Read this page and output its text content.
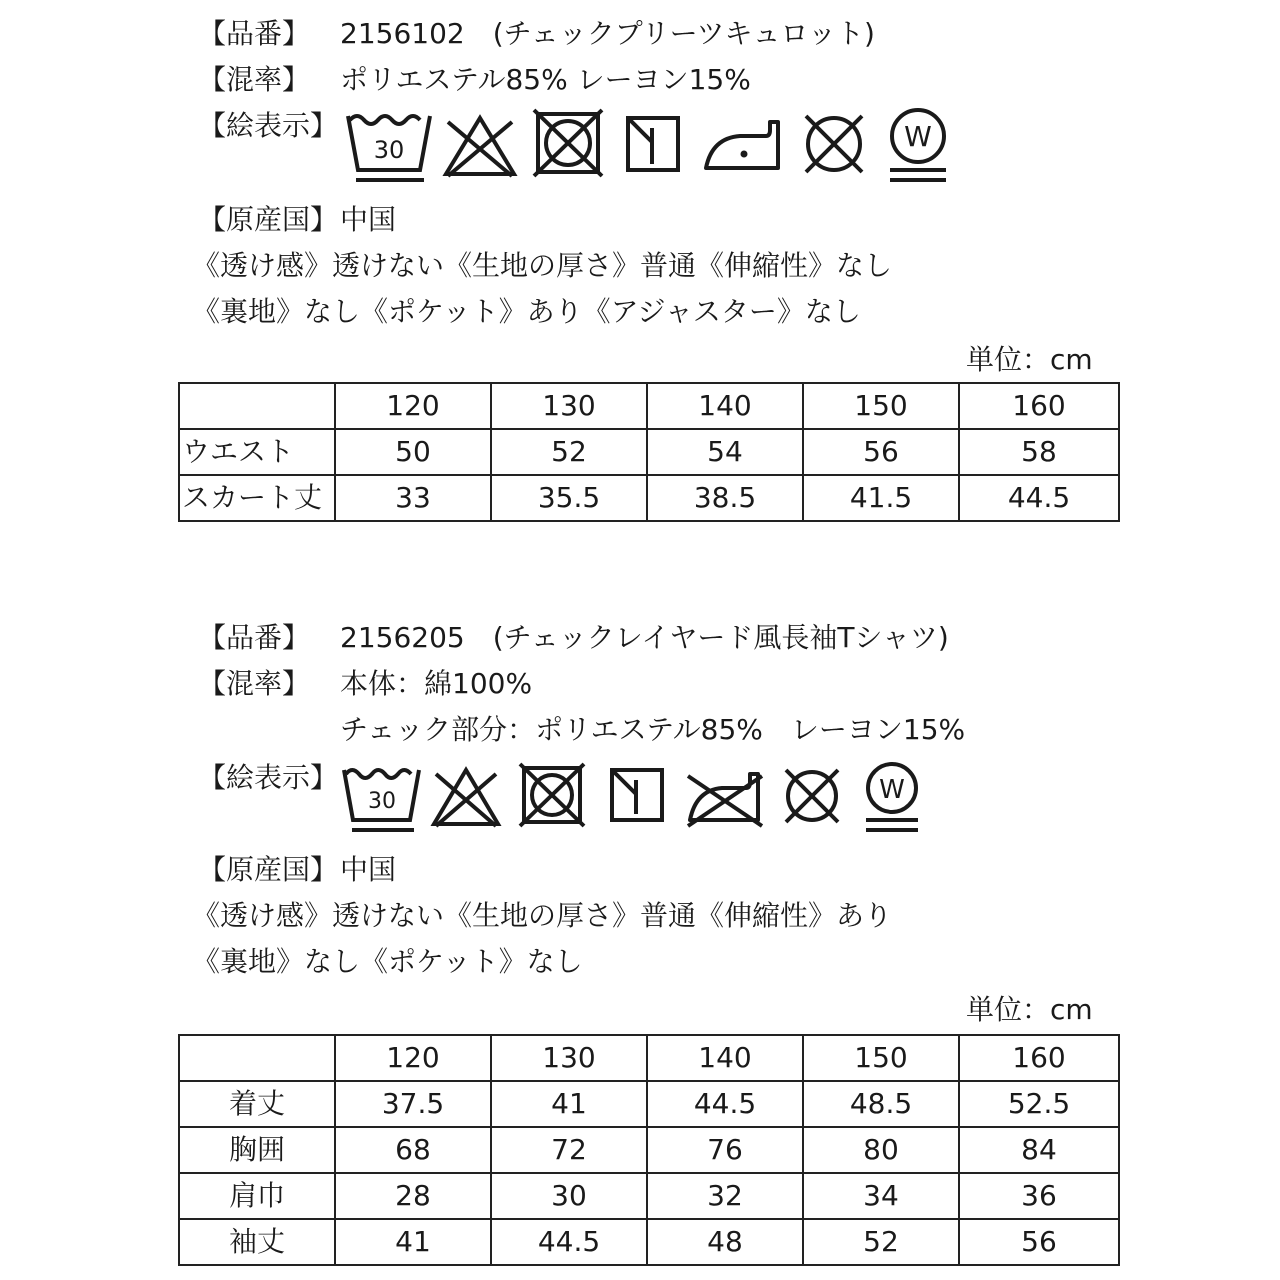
【品番】 2156102　(チェックプリーツキュロット)
【混率】 ポリエステル85% レーヨン15%
【絵表示】
30	W
【原産国】 中国
《透け感》透けない《生地の厚さ》普通《伸縮性》なし
《裏地》なし《ポケット》あり《アジャスター》なし
単位：cm
	120	130	140	150	160
ウエスト	50	52	54	56	58
スカート丈	33	35.5	38.5	41.5	44.5
【品番】 2156205　(チェックレイヤード風長袖Tシャツ)
【混率】 本体：綿100%
チェック部分：ポリエステル85%　レーヨン15%
【絵表示】
30	W
【原産国】 中国
《透け感》透けない《生地の厚さ》普通《伸縮性》あり
《裏地》なし《ポケット》なし
単位：cm
	120	130	140	150	160
着丈	37.5	41	44.5	48.5	52.5
胸囲	68	72	76	80	84
肩巾	28	30	32	34	36
袖丈	41	44.5	48	52	56
